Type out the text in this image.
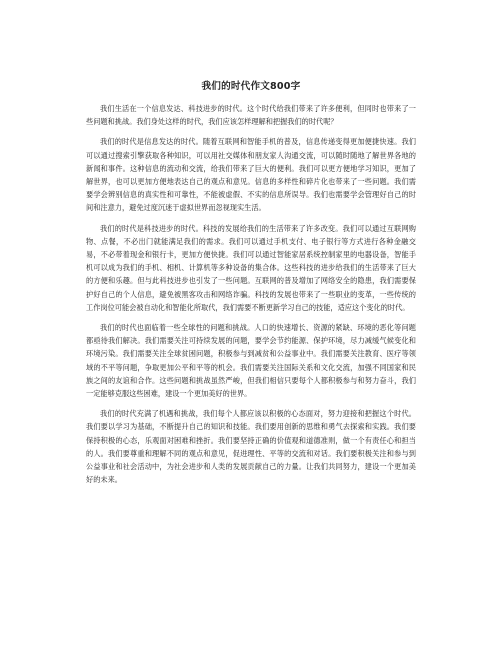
我们的时代作文800字

我们生活在一个信息发达、科技进步的时代。这个时代给我们带来了许多便利，但同时也带来了一些问题和挑战。我们身处这样的时代，我们应该怎样理解和把握我们的时代呢？

我们的时代是信息发达的时代。随着互联网和智能手机的普及，信息传递变得更加便捷快速。我们可以通过搜索引擎获取各种知识，可以用社交媒体和朋友家人沟通交流，可以随时随地了解世界各地的新闻和事件。这种信息的流动和交流，给我们带来了巨大的便利。我们可以更方便地学习知识，更加了解世界，也可以更加方便地表达自己的观点和意见。信息的多样性和碎片化也带来了一些问题。我们需要学会辨别信息的真实性和可靠性，不能被虚假、不实的信息所误导。我们也需要学会管理好自己的时间和注意力，避免过度沉迷于虚拟世界而忽视现实生活。

我们的时代是科技进步的时代。科技的发展给我们的生活带来了许多改变。我们可以通过互联网购物、点餐，不必出门就能满足我们的需求。我们可以通过手机支付、电子银行等方式进行各种金融交易，不必带着现金和银行卡，更加方便快捷。我们可以通过智能家居系统控制家里的电器设备，智能手机可以成为我们的手机、相机、计算机等多种设备的集合体。这些科技的进步给我们的生活带来了巨大的方便和乐趣。但与此科技进步也引发了一些问题。互联网的普及增加了网络安全的隐患，我们需要保护好自己的个人信息，避免被黑客攻击和网络诈骗。科技的发展也带来了一些职业的变革，一些传统的工作岗位可能会被自动化和智能化所取代，我们需要不断更新学习自己的技能，适应这个变化的时代。

我们的时代也面临着一些全球性的问题和挑战。人口的快速增长、资源的紧缺、环境的恶化等问题都亟待我们解决。我们需要关注可持续发展的问题，要学会节约能源、保护环境，尽力减缓气候变化和环境污染。我们需要关注全球贫困问题，积极参与到减贫和公益事业中。我们需要关注教育、医疗等领域的不平等问题，争取更加公平和平等的机会。我们需要关注国际关系和文化交流，加强不同国家和民族之间的友谊和合作。这些问题和挑战虽然严峻，但我们相信只要每个人都积极参与和努力奋斗，我们一定能够克服这些困难，建设一个更加美好的世界。

我们的时代充满了机遇和挑战，我们每个人都应该以积极的心态面对，努力迎接和把握这个时代。我们要以学习为基础，不断提升自己的知识和技能。我们要用创新的思维和勇气去探索和实践。我们要保持积极的心态，乐观面对困难和挫折。我们要坚持正确的价值观和道德准则，做一个有责任心和担当的人。我们要尊重和理解不同的观点和意见，促进理性、平等的交流和对话。我们要积极关注和参与到公益事业和社会活动中，为社会进步和人类的发展贡献自己的力量。让我们共同努力，建设一个更加美好的未来。
